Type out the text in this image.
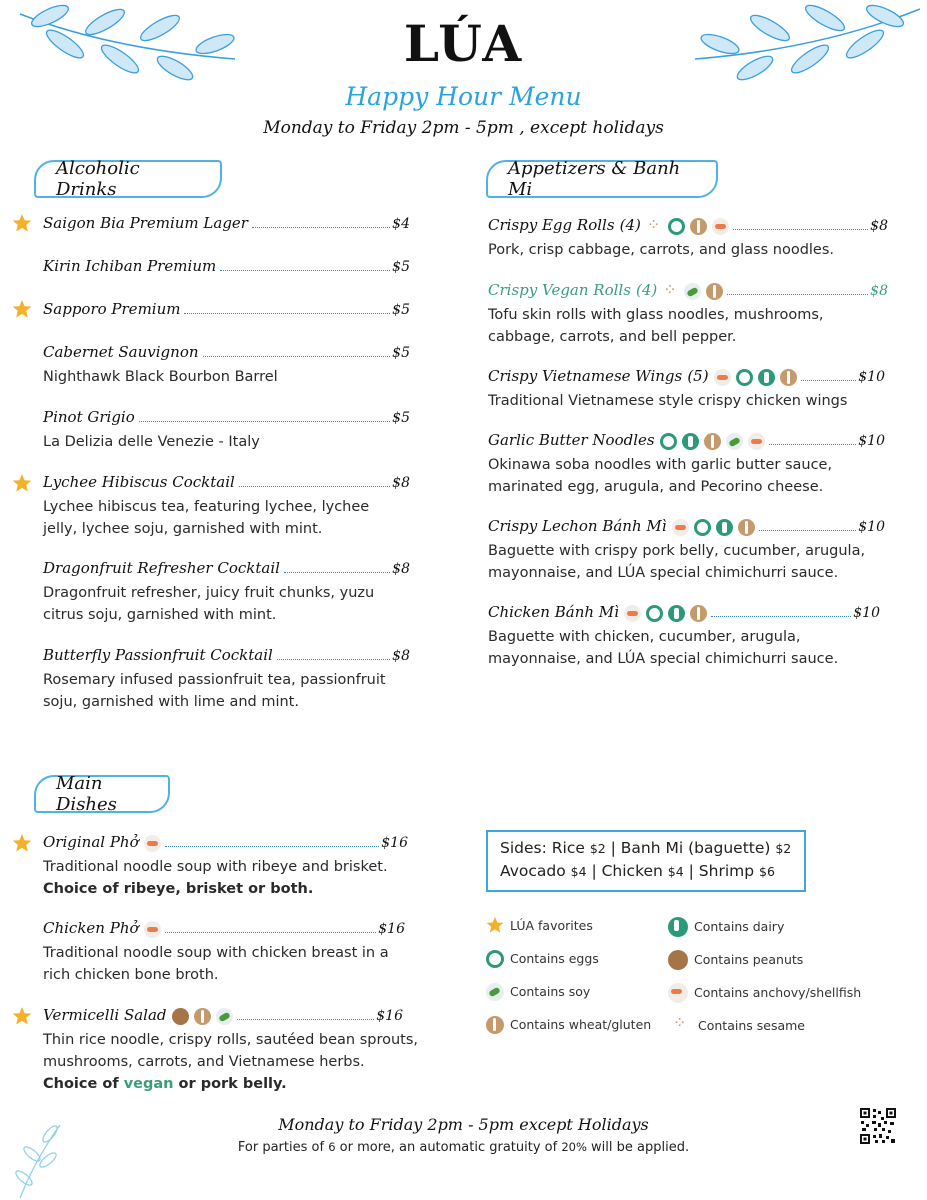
LÚA
Happy Hour Menu
Monday to Friday 2pm - 5pm , except holidays
Alcoholic Drinks
Appetizers & Banh Mi
Main Dishes
Saigon Bia Premium Lager	$4
Kirin Ichiban Premium	$5
Sapporo Premium	$5
Cabernet Sauvignon	$5
Nighthawk Black Bourbon Barrel
Pinot Grigio	$5
La Delizia delle Venezie - Italy
Lychee Hibiscus Cocktail	$8
Lychee hibiscus tea, featuring lychee, lychee
jelly, lychee soju, garnished with mint.
Dragonfruit Refresher Cocktail	$8
Dragonfruit refresher, juicy fruit chunks, yuzu
citrus soju, garnished with mint.
Butterfly Passionfruit Cocktail	$8
Rosemary infused passionfruit tea, passionfruit
soju, garnished with lime and mint.
Crispy Egg Rolls
(4) ⁘	$8
Pork, crisp cabbage, carrots, and glass noodles.
Crispy Vegan Rolls
(4) ⁘	$8
Tofu skin rolls with glass noodles, mushrooms,
cabbage, carrots, and bell pepper.
Crispy Vietnamese Wings
(5)	$10
Traditional Vietnamese style crispy chicken wings
Garlic Butter Noodles	$10
Okinawa soba noodles with garlic butter sauce,
marinated egg, arugula, and Pecorino cheese.
Crispy Lechon Bánh Mì	$10
Baguette with crispy pork belly, cucumber, arugula,
mayonnaise, and LÚA special chimichurri sauce.
Chicken Bánh Mì	$10
Baguette with chicken, cucumber, arugula,
mayonnaise, and LÚA special chimichurri sauce.
Original Phở	$16
Traditional noodle soup with ribeye and brisket.
Choice of ribeye, brisket or both.
Chicken Phở	$16
Traditional noodle soup with chicken breast in a
rich chicken bone broth.
Vermicelli Salad	$16
Thin rice noodle, crispy rolls, sautéed bean sprouts,
mushrooms, carrots, and Vietnamese herbs.
Choice of vegan or pork belly.
Sides: Rice $2 | Banh Mi (baguette) $2
Avocado $4 | Chicken $4 | Shrimp $6
LÚA favorites	Contains dairy
Contains eggs	Contains peanuts
Contains soy	Contains anchovy/shellfish
Contains wheat/gluten ⁘	Contains sesame
Monday to Friday 2pm - 5pm except Holidays
For parties of 6 or more, an automatic gratuity of 20% will be applied.
